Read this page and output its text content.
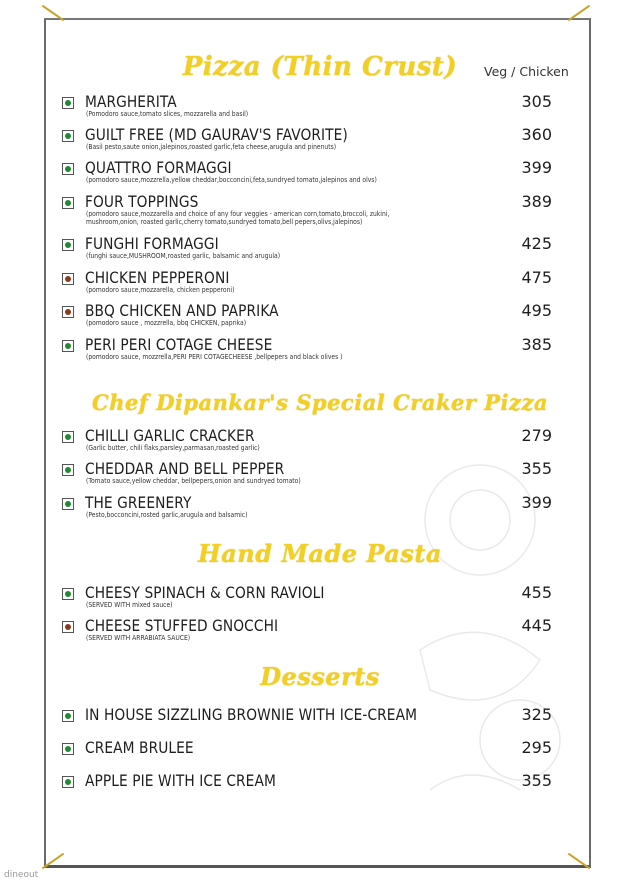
Pizza (Thin Crust)	Veg / Chicken
MARGHERITA
(Pomodoro sauce,tomato slices, mozzarella and basil)
305
GUILT FREE (MD GAURAV'S FAVORITE)
(Basil pesto,saute onion,jalepinos,roasted garlic,feta cheese,arugula and pinenuts)
360
QUATTRO FORMAGGI
(pomodoro sauce,mozzrella,yellow cheddar,bocconcini,feta,sundryed tomato,jalepinos and olvs)
399
FOUR TOPPINGS
(pomodoro sauce,mozzarella and choice of any four veggies - american corn,tomato,broccoli, zukini, mushroom,onion, roasted garlic,cherry tomato,sundryed tomato,bell pepers,olivs,jalepinos)
389
FUNGHI FORMAGGI
(funghi sauce,MUSHROOM,roasted garlic, balsamic and arugula)
425
CHICKEN PEPPERONI
(pomodoro sauce,mozzarella, chicken pepperoni)
475
BBQ CHICKEN AND PAPRIKA
(pomodoro sauce , mozzrella, bbq CHICKEN, paprika)
495
PERI PERI COTAGE CHEESE
(pomodoro sauce, mozzrella,PERI PERI COTAGECHEESE ,bellpepers and black olives )
385
Chef Dipankar's Special Craker Pizza
CHILLI GARLIC CRACKER
(Garlic butter, chili flaks,parsley,parmasan,roasted garlic)
279
CHEDDAR AND BELL PEPPER
(Tomato sauce,yellow cheddar, bellpepers,onion and sundryed tomato)
355
THE GREENERY
(Pesto,bocconcini,rosted garlic,arugula and balsamic)
399
Hand Made Pasta
CHEESY SPINACH & CORN RAVIOLI
(SERVED WITH mixed sauce)
455
CHEESE STUFFED GNOCCHI
(SERVED WITH ARRABIATA SAUCE)
445
Desserts
IN HOUSE SIZZLING BROWNIE WITH ICE-CREAM	325
CREAM BRULEE	295
APPLE PIE WITH ICE CREAM	355
dineout
